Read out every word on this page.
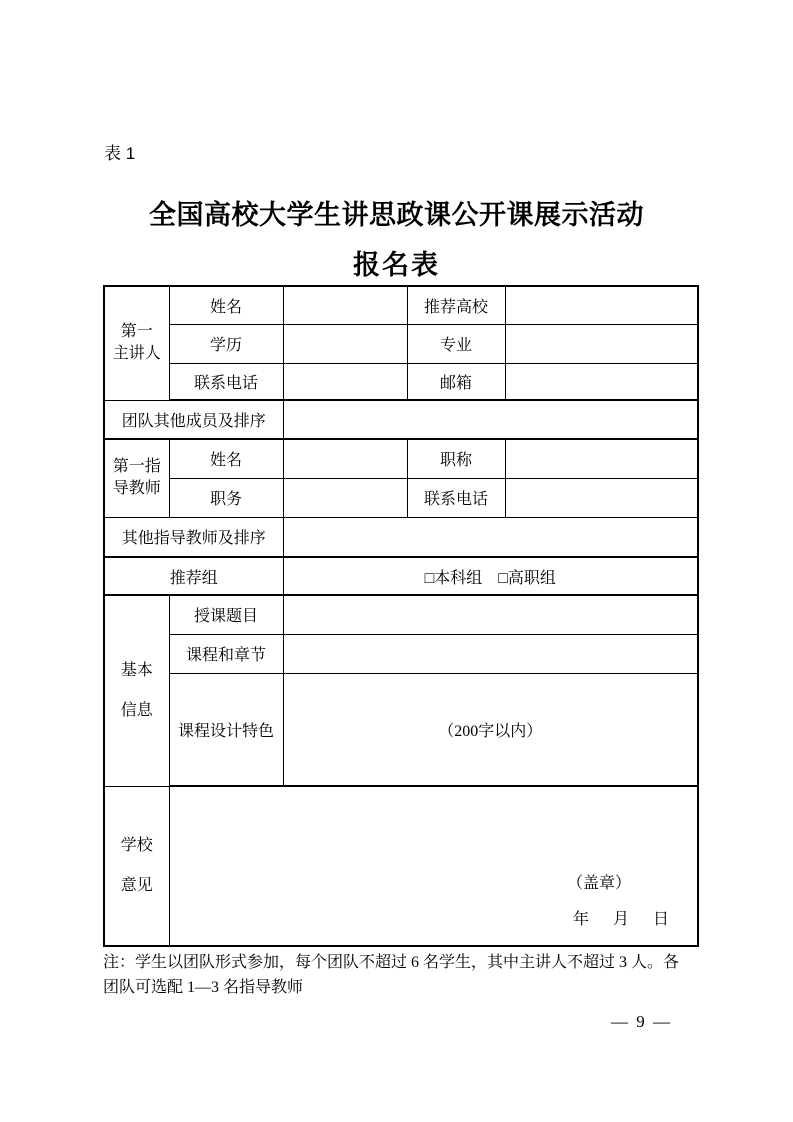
表 1
全国高校大学生讲思政课公开课展示活动
报名表
第一
主讲人	姓名		推荐高校	
	学历		专业	
	联系电话		邮箱	
团队其他成员及排序				

第一指
导教师	姓名		职称	
	职务		联系电话	
其他指导教师及排序				
推荐组		□本科组　□高职组		

基本
信息	授课题目			
	课程和章节			
	课程设计特色	（200字以内）		

学校
意见	（盖章）
年　月　日			
注：学生以团队形式参加，每个团队不超过 6 名学生，其中主讲人不超过 3 人。各
团队可选配 1—3 名指导教师
— 9 —
